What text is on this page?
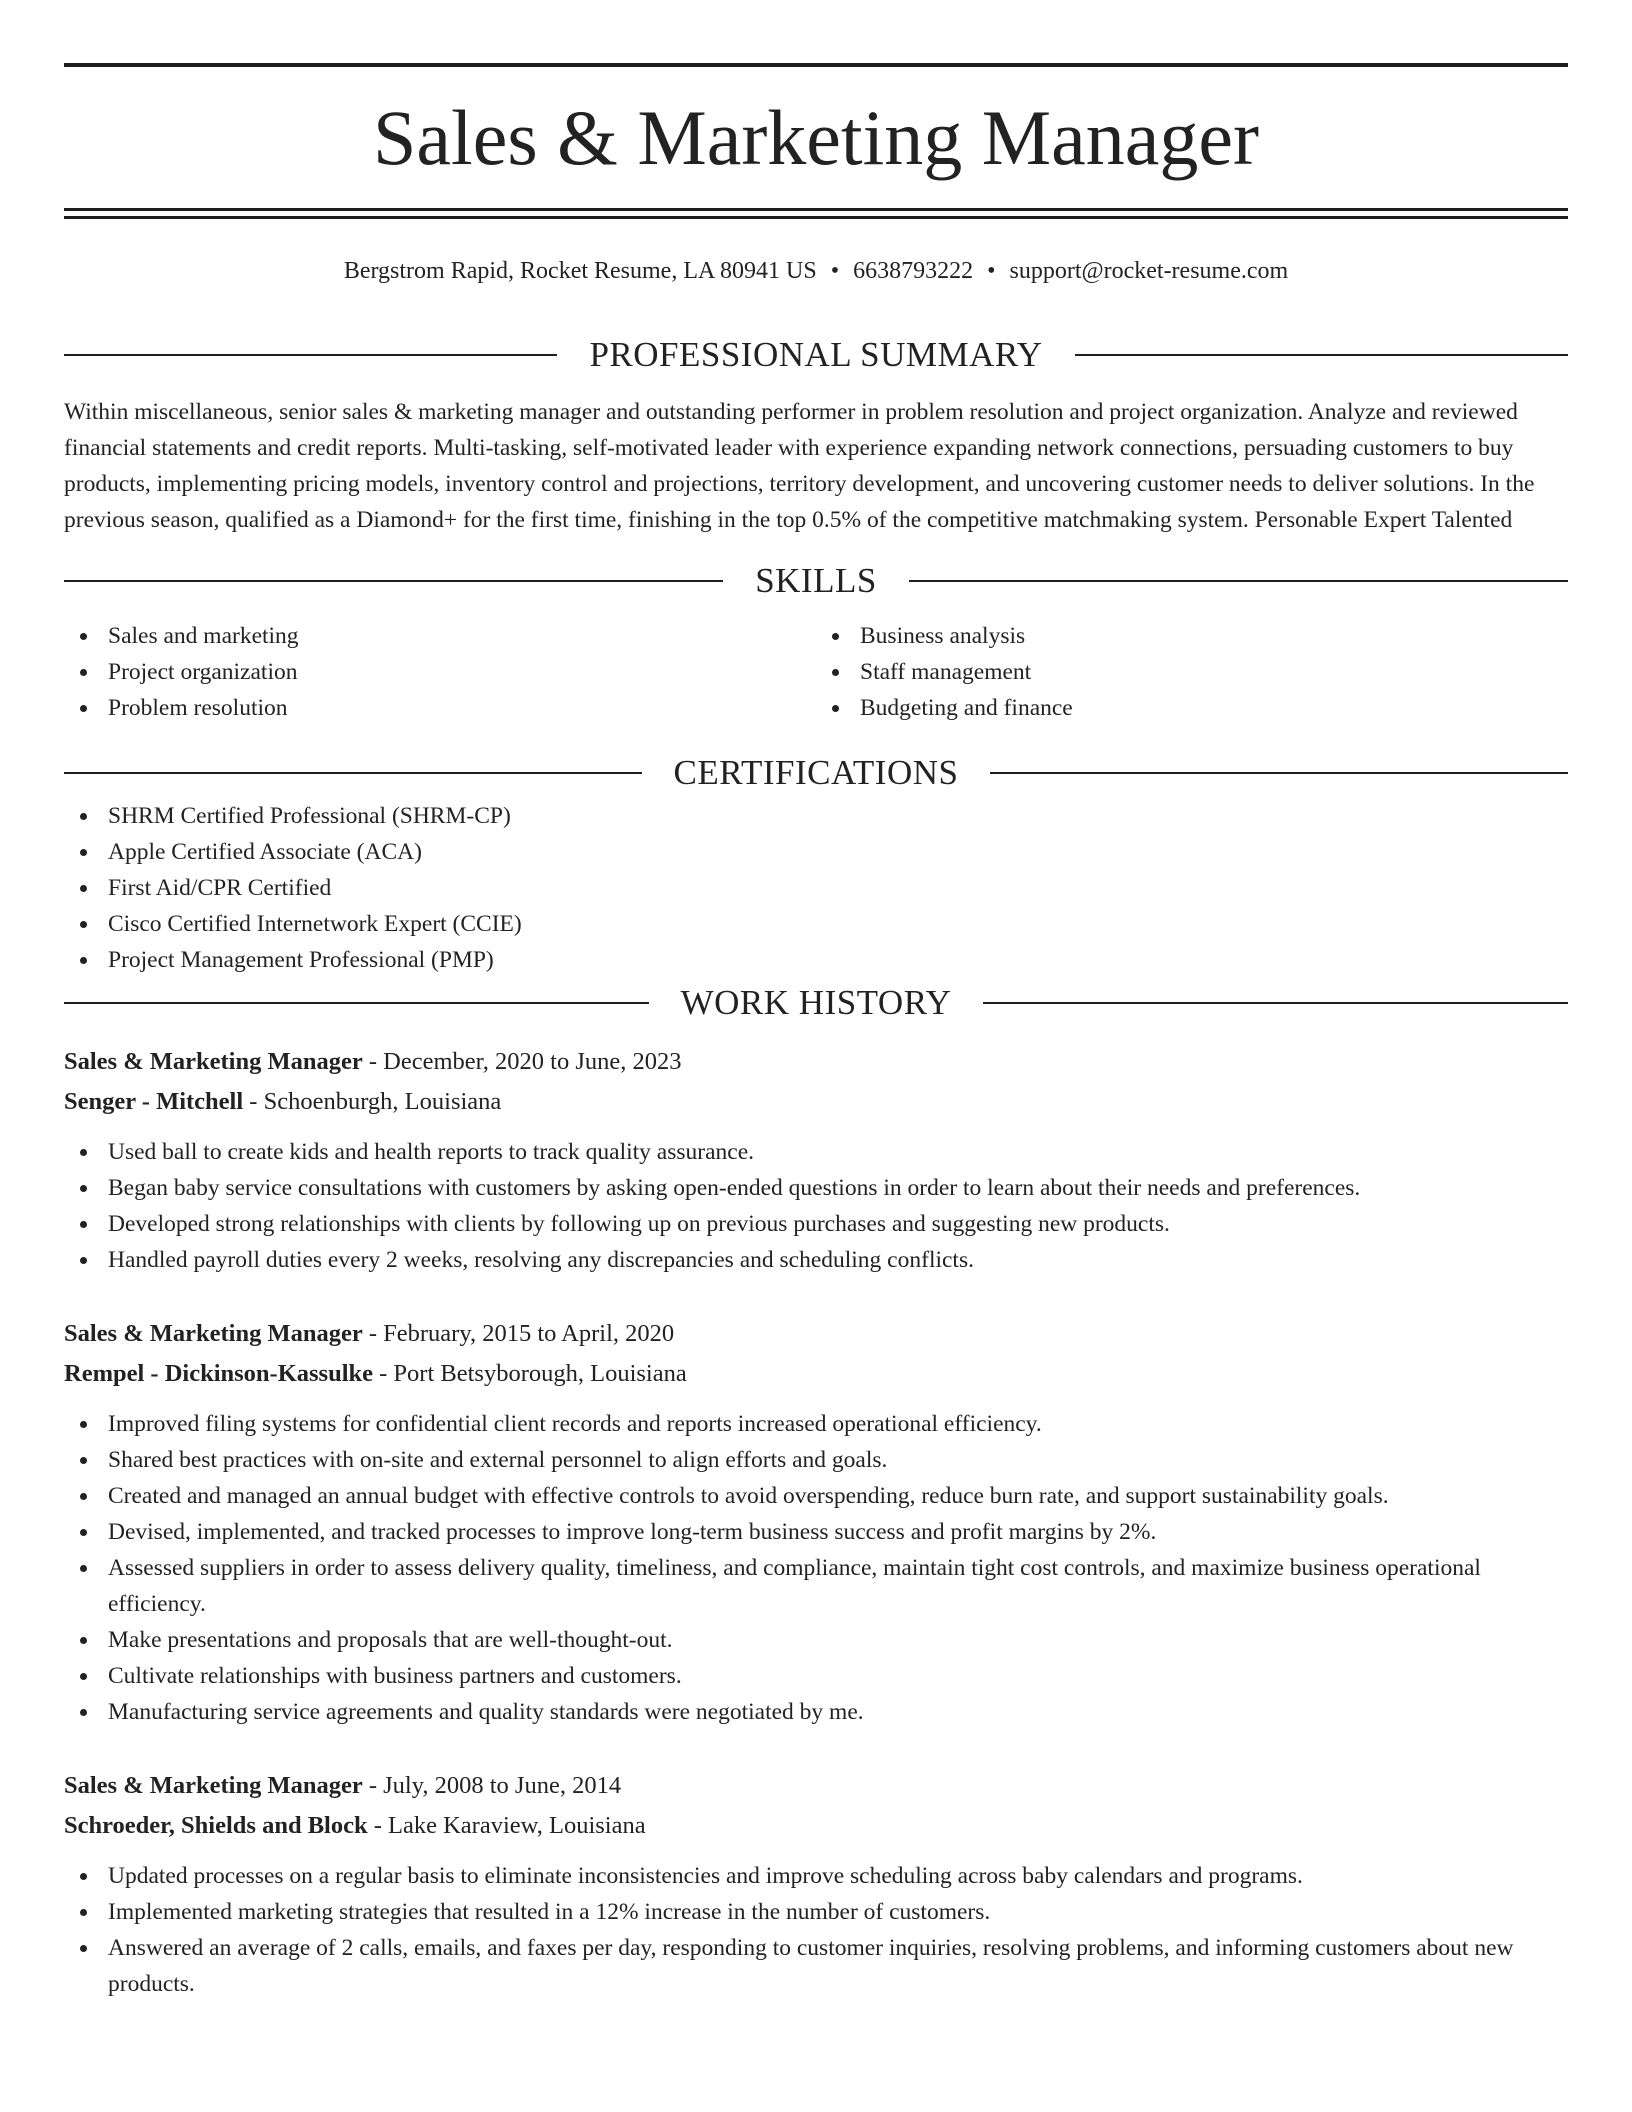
Sales & Marketing Manager
Bergstrom Rapid, Rocket Resume, LA 80941 US • 6638793222 • support@rocket-resume.com
PROFESSIONAL SUMMARY

Within miscellaneous, senior sales & marketing manager and outstanding performer in problem resolution and project organization. Analyze and reviewed financial statements and credit reports. Multi-tasking, self-motivated leader with experience expanding network connections, persuading customers to buy products, implementing pricing models, inventory control and projections, territory development, and uncovering customer needs to deliver solutions. In the previous season, qualified as a Diamond+ for the first time, finishing in the top 0.5% of the competitive matchmaking system. Personable Expert Talented

SKILLS
Sales and marketing
Project organization
Problem resolution
Business analysis
Staff management
Budgeting and finance
CERTIFICATIONS
SHRM Certified Professional (SHRM-CP)
Apple Certified Associate (ACA)
First Aid/CPR Certified
Cisco Certified Internetwork Expert (CCIE)
Project Management Professional (PMP)
WORK HISTORY
Sales & Marketing Manager - December, 2020 to June, 2023
Senger - Mitchell - Schoenburgh, Louisiana
Used ball to create kids and health reports to track quality assurance.
Began baby service consultations with customers by asking open-ended questions in order to learn about their needs and preferences.
Developed strong relationships with clients by following up on previous purchases and suggesting new products.
Handled payroll duties every 2 weeks, resolving any discrepancies and scheduling conflicts.
Sales & Marketing Manager - February, 2015 to April, 2020
Rempel - Dickinson-Kassulke - Port Betsyborough, Louisiana
Improved filing systems for confidential client records and reports increased operational efficiency.
Shared best practices with on-site and external personnel to align efforts and goals.
Created and managed an annual budget with effective controls to avoid overspending, reduce burn rate, and support sustainability goals.
Devised, implemented, and tracked processes to improve long-term business success and profit margins by 2%.
Assessed suppliers in order to assess delivery quality, timeliness, and compliance, maintain tight cost controls, and maximize business operational efficiency.
Make presentations and proposals that are well-thought-out.
Cultivate relationships with business partners and customers.
Manufacturing service agreements and quality standards were negotiated by me.
Sales & Marketing Manager - July, 2008 to June, 2014
Schroeder, Shields and Block - Lake Karaview, Louisiana
Updated processes on a regular basis to eliminate inconsistencies and improve scheduling across baby calendars and programs.
Implemented marketing strategies that resulted in a 12% increase in the number of customers.
Answered an average of 2 calls, emails, and faxes per day, responding to customer inquiries, resolving problems, and informing customers about new products.
